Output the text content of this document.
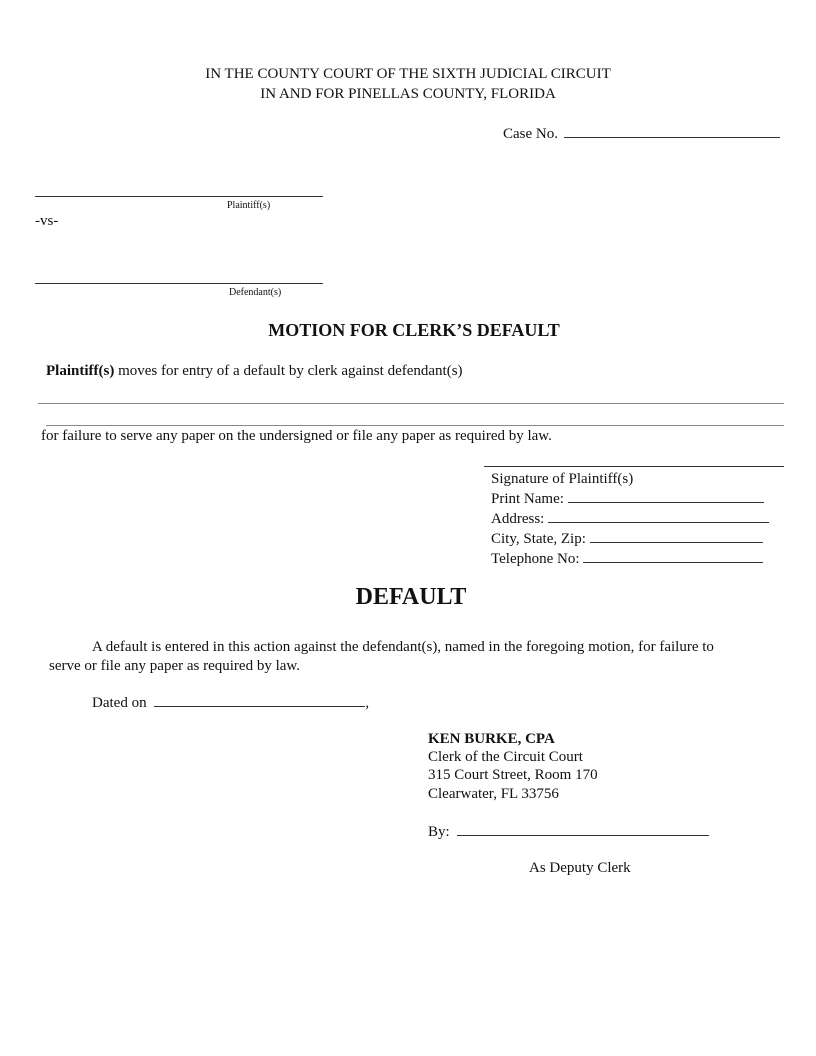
IN THE COUNTY COURT OF THE SIXTH JUDICIAL CIRCUIT
IN AND FOR PINELLAS COUNTY, FLORIDA
Case No.
Plaintiff(s)
-vs-
Defendant(s)
MOTION FOR CLERK’S DEFAULT
Plaintiff(s) moves for entry of a default by clerk against defendant(s)
for failure to serve any paper on the undersigned or file any paper as required by law.
Signature of Plaintiff(s)
Print Name:
Address:
City, State, Zip:
Telephone No:
DEFAULT
A default is entered in this action against the defendant(s), named in the foregoing motion, for failure to
serve or file any paper as required by law.
Dated on	,
KEN BURKE, CPA
Clerk of the Circuit Court
315 Court Street, Room 170
Clearwater, FL 33756
By:
As Deputy Clerk
